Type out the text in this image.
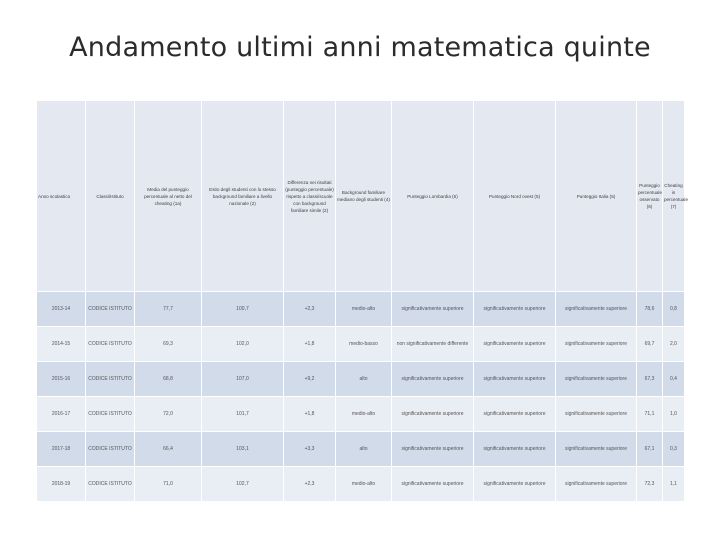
Andamento ultimi anni matematica quinte
Anno scolastico	Classi/Istituto	Media del punteggio percentuale al netto del cheating (1a)	Esito degli studenti con lo stesso background familiare a livello nazionale (2)	Differenza nei risultati (punteggio percentuale) rispetto a classi/scuole con background familiare simile (2)	Background familiare mediano degli studenti (4)	Punteggio Lombardia (5)	Punteggio Nord ovest (5)	Punteggio Italia (5)	Punteggio percentuale osservato (6)	Cheating in percentuale (7)
2013-14	CODICE ISTITUTO	77,7	100,7	+2,3	medio-alto	significativamente superiore	significativamente superiore	significativamente superiore	78,6	0,8
2014-15	CODICE ISTITUTO	69,3	102,0	+1,8	medio-basso	non significativamente differente	significativamente superiore	significativamente superiore	69,7	2,0
2015-16	CODICE ISTITUTO	68,8	107,0	+9,2	alto	significativamente superiore	significativamente superiore	significativamente superiore	67,3	0,4
2016-17	CODICE ISTITUTO	72,0	101,7	+1,8	medio-alto	significativamente superiore	significativamente superiore	significativamente superiore	71,1	1,0
2017-18	CODICE ISTITUTO	66,4	103,1	+3,3	alto	significativamente superiore	significativamente superiore	significativamente superiore	67,1	0,3
2018-19	CODICE ISTITUTO	71,0	102,7	+2,3	medio-alto	significativamente superiore	significativamente superiore	significativamente superiore	72,3	1,1
